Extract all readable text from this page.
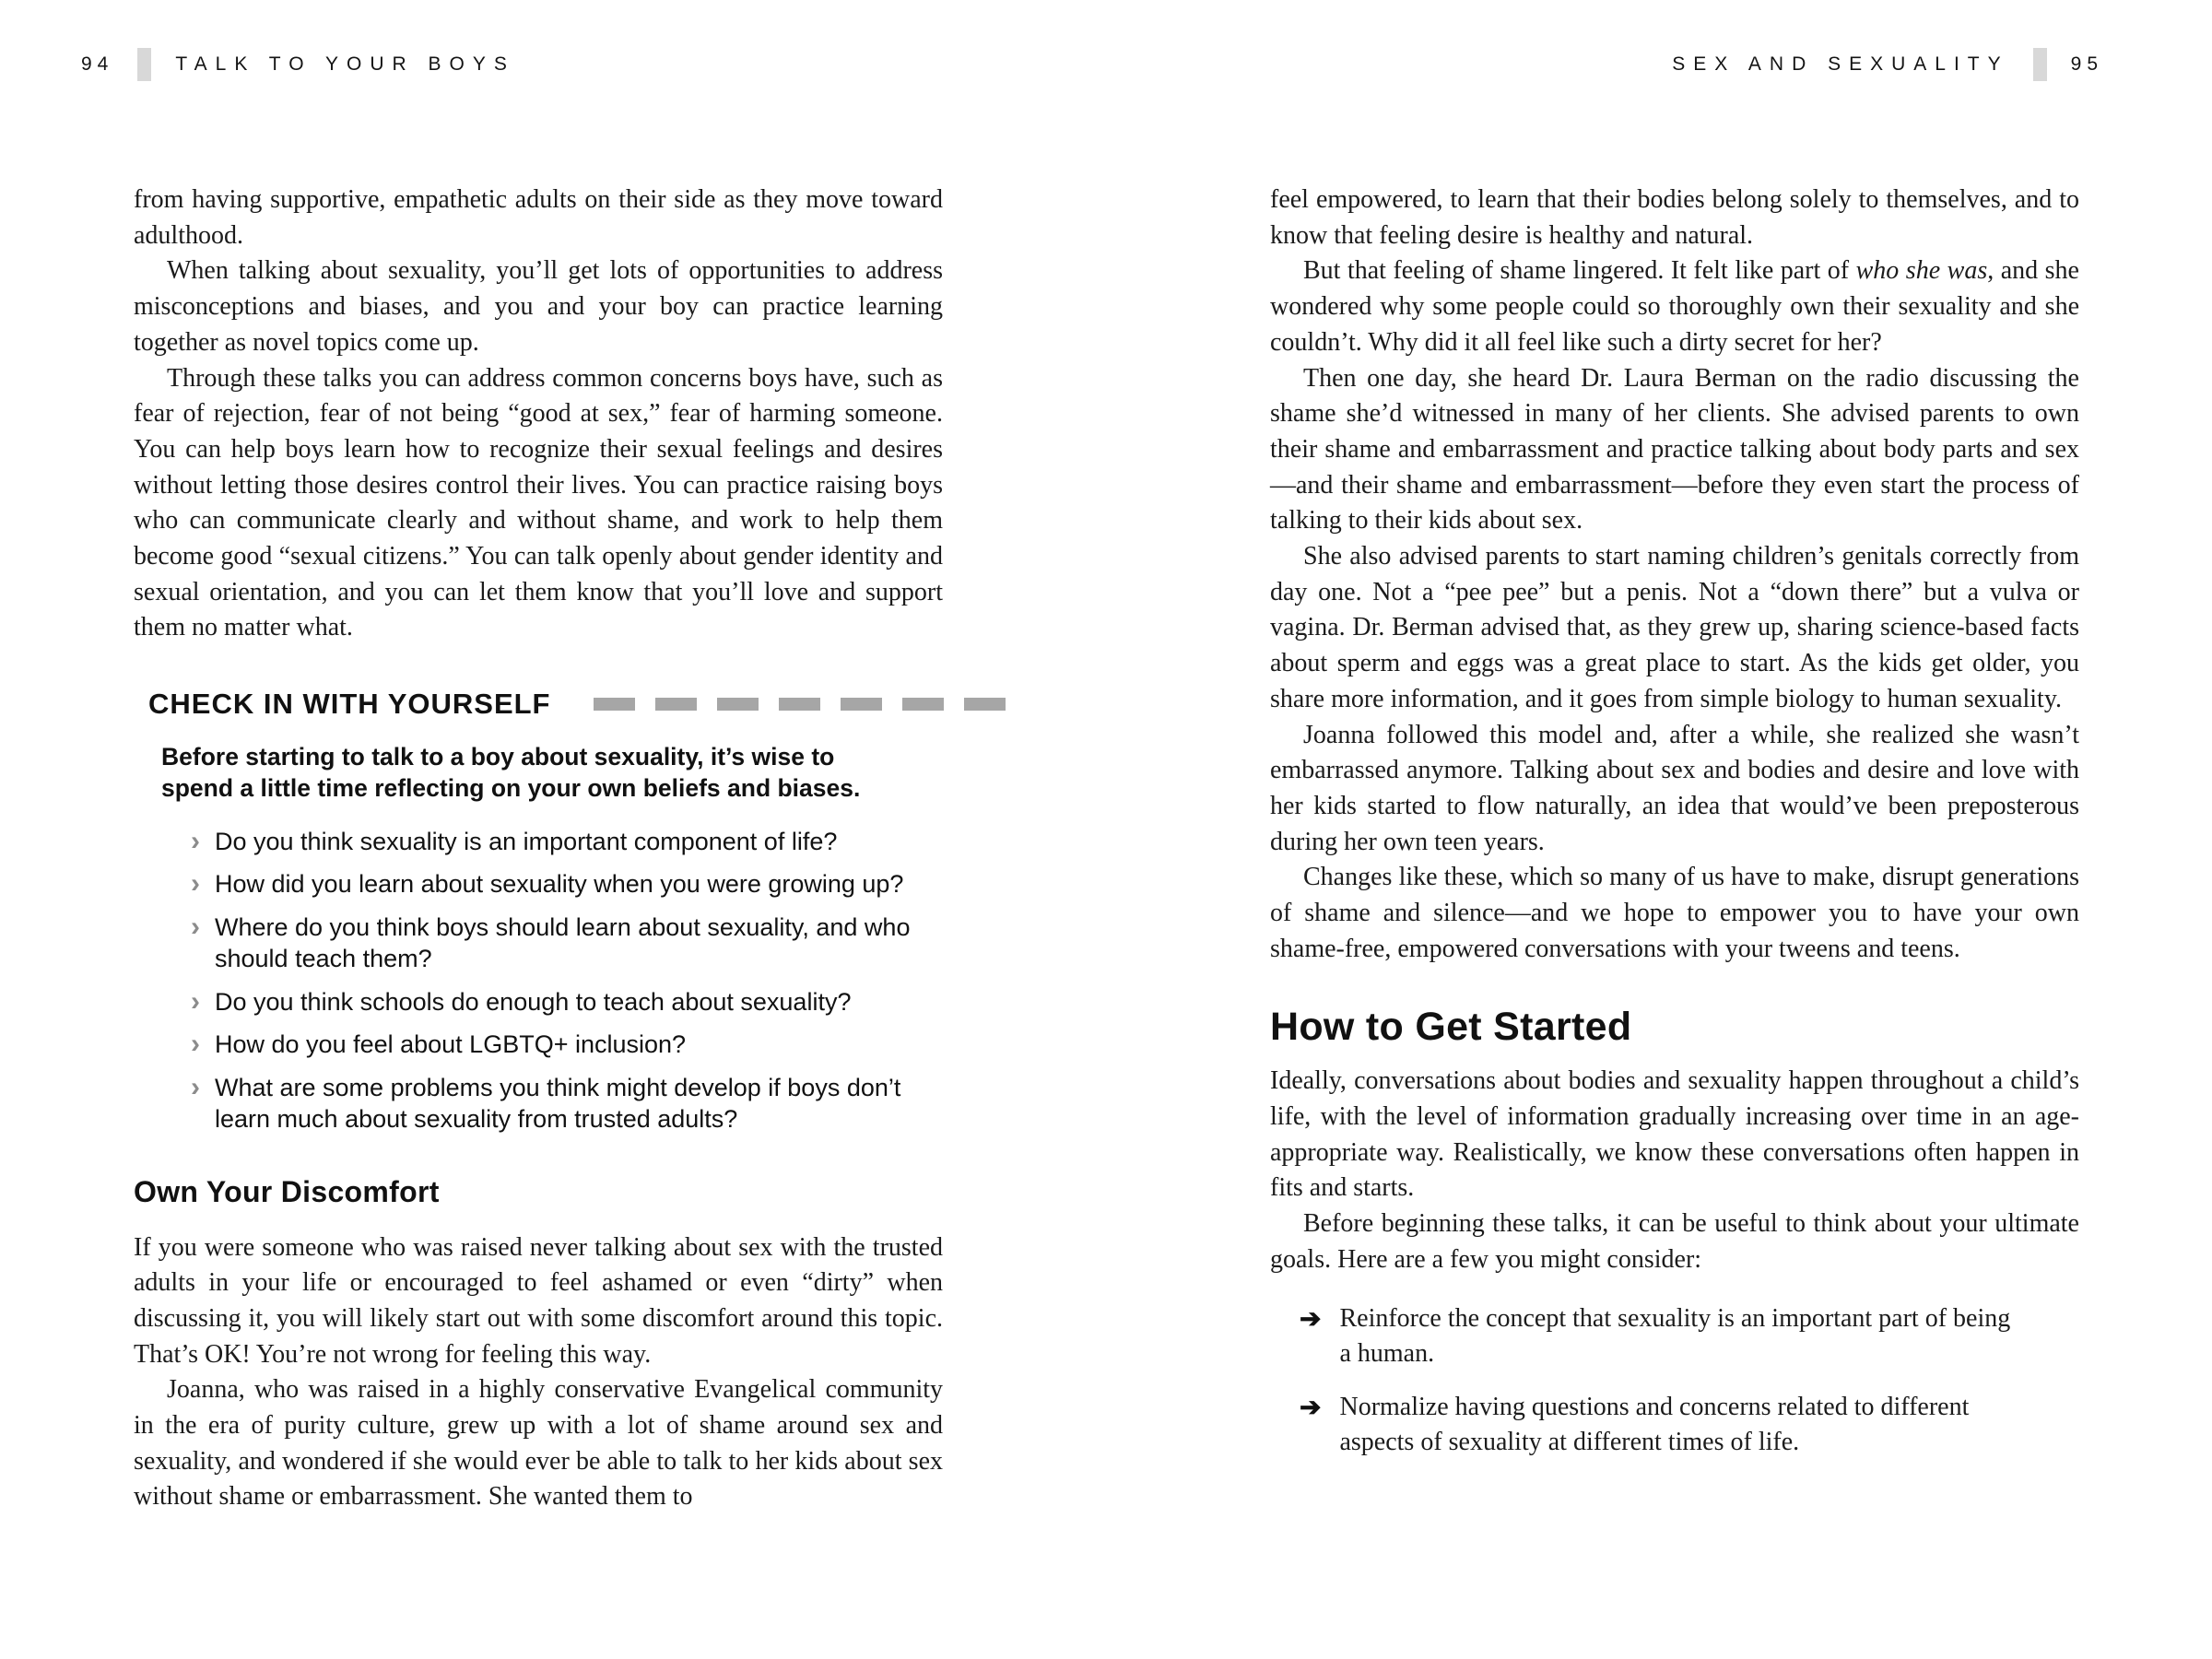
94	TALK TO YOUR BOYS

from having supportive, empathetic adults on their side as they move toward adulthood.

When talking about sexuality, you’ll get lots of opportunities to address misconceptions and biases, and you and your boy can practice learning together as novel topics come up.

Through these talks you can address common concerns boys have, such as fear of rejection, fear of not being “good at sex,” fear of harming someone. You can help boys learn how to recognize their sexual feelings and desires without letting those desires control their lives. You can practice raising boys who can communicate clearly and without shame, and work to help them become good “sexual citizens.” You can talk openly about gender identity and sexual orientation, and you can let them know that you’ll love and support them no matter what.

CHECK IN WITH YOURSELF

Before starting to talk to a boy about sexuality, it’s wise to spend a little time reflecting on your own beliefs and biases.

› Do you think sexuality is an important component of life?
› How did you learn about sexuality when you were growing up?
› Where do you think boys should learn about sexuality, and who should teach them?
› Do you think schools do enough to teach about sexuality?
› How do you feel about LGBTQ+ inclusion?
› What are some problems you think might develop if boys don’t learn much about sexuality from trusted adults?
Own Your Discomfort

If you were someone who was raised never talking about sex with the trusted adults in your life or encouraged to feel ashamed or even “dirty” when discussing it, you will likely start out with some discomfort around this topic. That’s OK! You’re not wrong for feeling this way.

Joanna, who was raised in a highly conservative Evangelical community in the era of purity culture, grew up with a lot of shame around sex and sexuality, and wondered if she would ever be able to talk to her kids about sex without shame or embarrassment. She wanted them to

SEX AND SEXUALITY	95

feel empowered, to learn that their bodies belong solely to themselves, and to know that feeling desire is healthy and natural.

But that feeling of shame lingered. It felt like part of who she was, and she wondered why some people could so thoroughly own their sexuality and she couldn’t. Why did it all feel like such a dirty secret for her?

Then one day, she heard Dr. Laura Berman on the radio discussing the shame she’d witnessed in many of her clients. She advised parents to own their shame and embarrassment and practice talking about body parts and sex—and their shame and embarrassment—before they even start the process of talking to their kids about sex.

She also advised parents to start naming children’s genitals correctly from day one. Not a “pee pee” but a penis. Not a “down there” but a vulva or vagina. Dr. Berman advised that, as they grew up, sharing science-based facts about sperm and eggs was a great place to start. As the kids get older, you share more information, and it goes from simple biology to human sexuality.

Joanna followed this model and, after a while, she realized she wasn’t embarrassed anymore. Talking about sex and bodies and desire and love with her kids started to flow naturally, an idea that would’ve been preposterous during her own teen years.

Changes like these, which so many of us have to make, disrupt generations of shame and silence—and we hope to empower you to have your own shame-free, empowered conversations with your tweens and teens.

How to Get Started

Ideally, conversations about bodies and sexuality happen throughout a child’s life, with the level of information gradually increasing over time in an age-appropriate way. Realistically, we know these conversations often happen in fits and starts.

Before beginning these talks, it can be useful to think about your ultimate goals. Here are a few you might consider:

➔ Reinforce the concept that sexuality is an important part of being a human.
➔ Normalize having questions and concerns related to different aspects of sexuality at different times of life.
